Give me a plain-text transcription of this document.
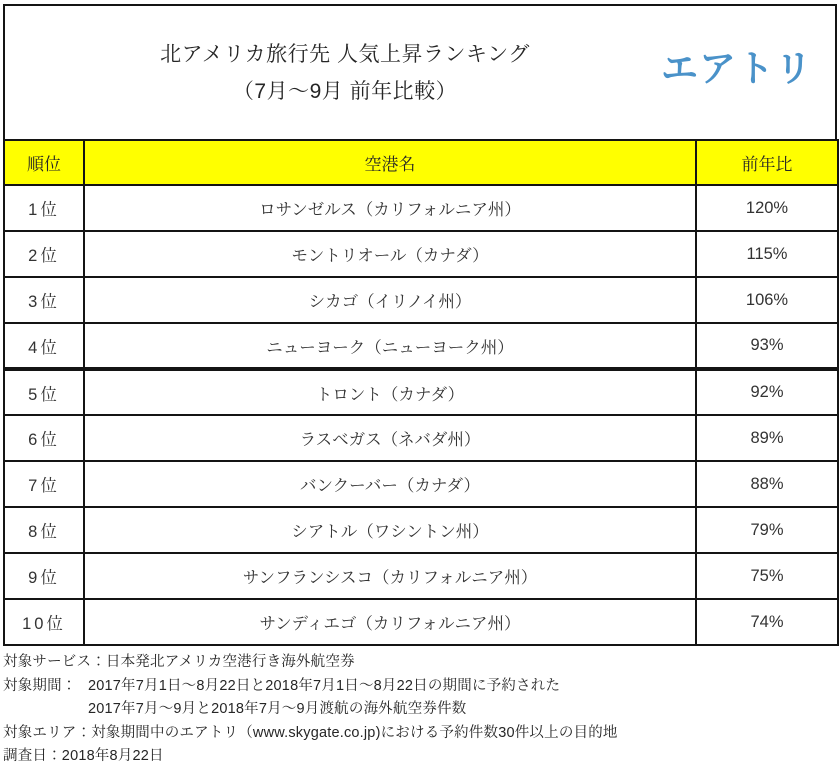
北アメリカ旅行先 人気上昇ランキング
（7月～9月 前年比較）
エアトリ
順位	空港名	前年比
1位	ロサンゼルス（カリフォルニア州）	120%
2位	モントリオール（カナダ）	115%
3位	シカゴ（イリノイ州）	106%
4位	ニューヨーク（ニューヨーク州）	93%
5位	トロント（カナダ）	92%
6位	ラスベガス（ネバダ州）	89%
7位	バンクーバー（カナダ）	88%
8位	シアトル（ワシントン州）	79%
9位	サンフランシスコ（カリフォルニア州）	75%
10位	サンディエゴ（カリフォルニア州）	74%
対象サービス：日本発北アメリカ空港行き海外航空券
対象期間： 2017年7月1日～8月22日と2018年7月1日～8月22日の期間に予約された
2017年7月～9月と2018年7月～9月渡航の海外航空券件数
対象エリア：対象期間中のエアトリ（www.skygate.co.jp)における予約件数30件以上の目的地
調査日：2018年8月22日
